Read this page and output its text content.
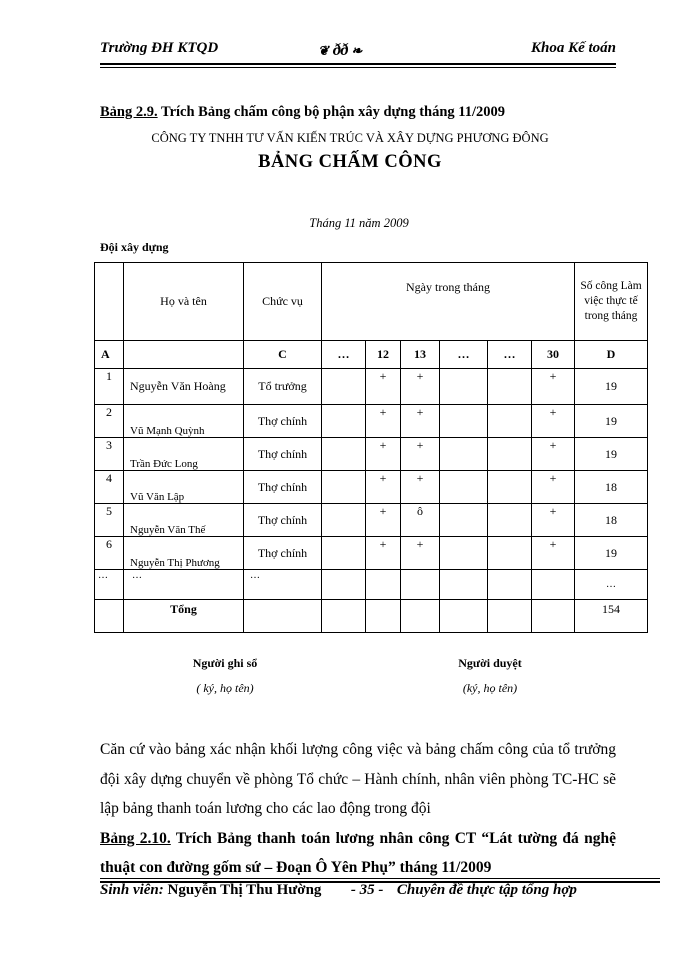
Trường ĐH KTQD	❦ ðð ❧	Khoa Kế toán
Bảng 2.9. Trích Bảng chấm công bộ phận xây dựng tháng 11/2009
CÔNG TY TNHH TƯ VẤN KIẾN TRÚC VÀ XÂY DỰNG PHƯƠNG ĐÔNG
BẢNG CHẤM CÔNG
Tháng 11 năm 2009
Đội xây dựng
	Họ và tên	Chức vụ	Ngày trong tháng						Số công Làm việc thực tế trong tháng
A		C	…	12	13	…	…	30	D
1	Nguyễn Văn Hoàng	Tổ trưởng		+	+			+	19
2	Vũ Mạnh Quỳnh	Thợ chính		+	+			+	19
3	Trần Đức Long	Thợ chính		+	+			+	19
4	Vũ Văn Lập	Thợ chính		+	+			+	18
5	Nguyễn Văn Thế	Thợ chính		+	ô			+	18
6	Nguyễn Thị Phương	Thợ chính		+	+			+	19
…	…	…							…
	Tổng								154
Người ghi sổ	Người duyệt
( ký, họ tên)	(ký, họ tên)
Căn cứ vào bảng xác nhận khối lượng công việc và bảng chấm công của tổ trưởng đội xây dựng chuyển về phòng Tổ chức – Hành chính, nhân viên phòng TC-HC sẽ lập bảng thanh toán lương cho các lao động trong đội
Bảng 2.10. Trích Bảng thanh toán lương nhân công CT “Lát tường đá nghệ thuật con đường gốm sứ – Đoạn Ô Yên Phụ” tháng 11/2009
Sinh viên: Nguyễn Thị Thu Hường - 35 - Chuyên đề thực tập tổng hợp
